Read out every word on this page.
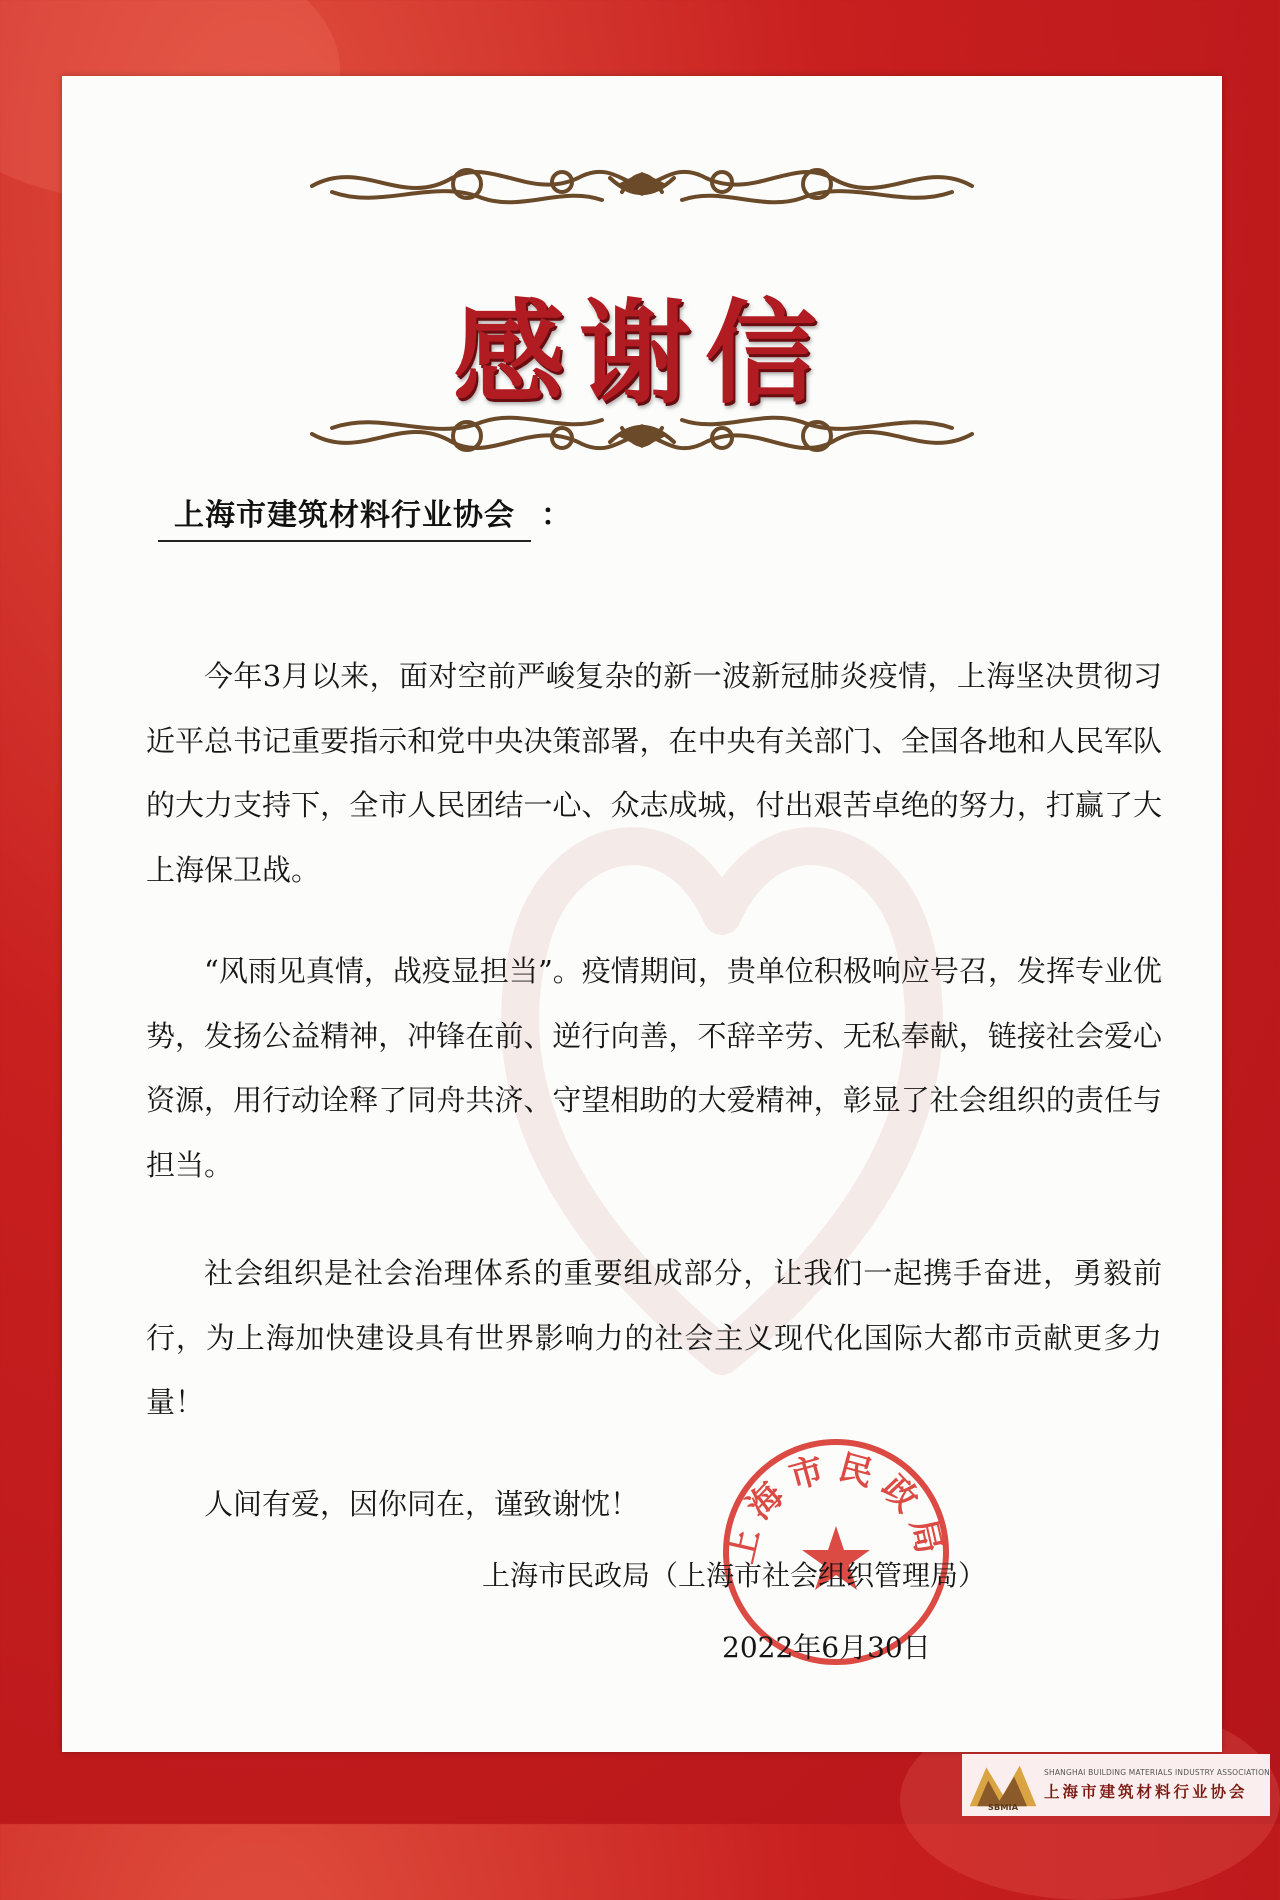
感谢信
上海市建筑材料行业协会 ：

今年3月以来，面对空前严峻复杂的新一波新冠肺炎疫情，上海坚决贯彻习近平总书记重要指示和党中央决策部署，在中央有关部门、全国各地和人民军队的大力支持下，全市人民团结一心、众志成城，付出艰苦卓绝的努力，打赢了大上海保卫战。

“风雨见真情，战疫显担当”。疫情期间，贵单位积极响应号召，发挥专业优势，发扬公益精神，冲锋在前、逆行向善，不辞辛劳、无私奉献，链接社会爱心资源，用行动诠释了同舟共济、守望相助的大爱精神，彰显了社会组织的责任与担当。

社会组织是社会治理体系的重要组成部分，让我们一起携手奋进，勇毅前行，为上海加快建设具有世界影响力的社会主义现代化国际大都市贡献更多力量！

人间有爱，因你同在，谨致谢忱！

上海市民政局
上海市民政局（上海市社会组织管理局）
2022年6月30日
SBMIA
SHANGHAI BUILDING MATERIALS INDUSTRY ASSOCIATION
上海市建筑材料行业协会
